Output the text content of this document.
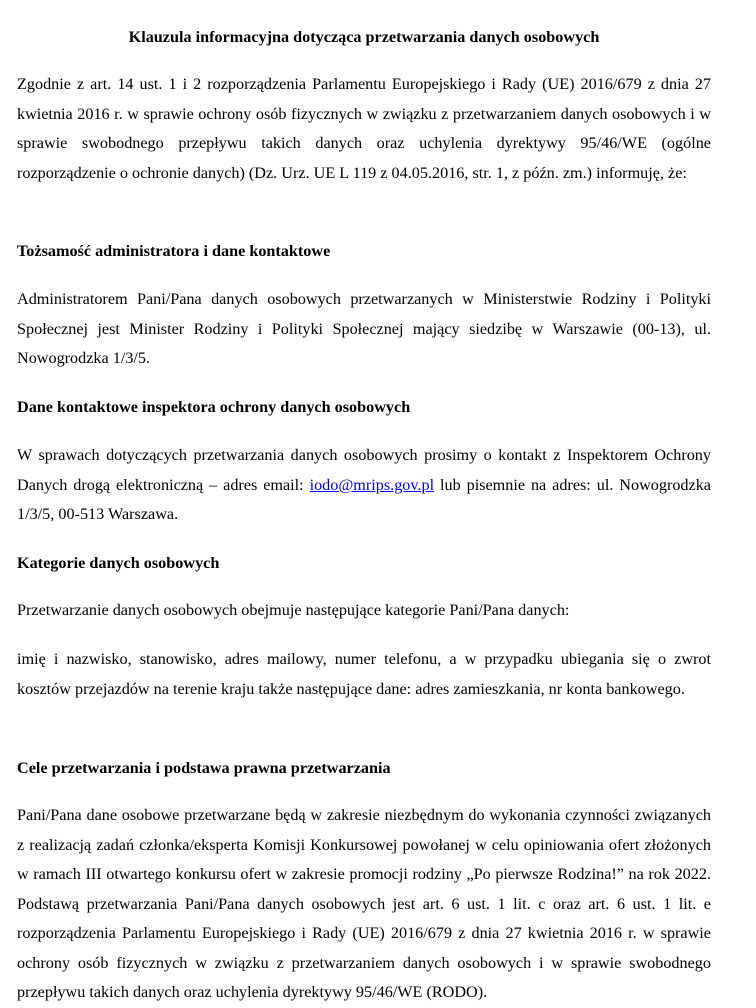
Klauzula informacyjna dotycząca przetwarzania danych osobowych

Zgodnie z art. 14 ust. 1 i 2 rozporządzenia Parlamentu Europejskiego i Rady (UE) 2016/679 z dnia 27 kwietnia 2016 r. w sprawie ochrony osób fizycznych w związku z przetwarzaniem danych osobowych i w sprawie swobodnego przepływu takich danych oraz uchylenia dyrektywy 95/46/WE (ogólne rozporządzenie o ochronie danych) (Dz. Urz. UE L 119 z 04.05.2016, str. 1, z późn. zm.) informuję, że:

Tożsamość administratora i dane kontaktowe

Administratorem Pani/Pana danych osobowych przetwarzanych w Ministerstwie Rodziny i Polityki Społecznej jest Minister Rodziny i Polityki Społecznej mający siedzibę w Warszawie (00-13), ul. Nowogrodzka 1/3/5.

Dane kontaktowe inspektora ochrony danych osobowych

W sprawach dotyczących przetwarzania danych osobowych prosimy o kontakt z Inspektorem Ochrony Danych drogą elektroniczną – adres email: iodo@mrips.gov.pl lub pisemnie na adres: ul. Nowogrodzka 1/3/5, 00-513 Warszawa.

Kategorie danych osobowych

Przetwarzanie danych osobowych obejmuje następujące kategorie Pani/Pana danych:

imię i nazwisko, stanowisko, adres mailowy, numer telefonu, a w przypadku ubiegania się o zwrot kosztów przejazdów na terenie kraju także następujące dane: adres zamieszkania, nr konta bankowego.

Cele przetwarzania i podstawa prawna przetwarzania

Pani/Pana dane osobowe przetwarzane będą w zakresie niezbędnym do wykonania czynności związanych z realizacją zadań członka/eksperta Komisji Konkursowej powołanej w celu opiniowania ofert złożonych w ramach III otwartego konkursu ofert w zakresie promocji rodziny „Po pierwsze Rodzina!” na rok 2022. Podstawą przetwarzania Pani/Pana danych osobowych jest art. 6 ust. 1 lit. c oraz art. 6 ust. 1 lit. e rozporządzenia Parlamentu Europejskiego i Rady (UE) 2016/679 z dnia 27 kwietnia 2016 r. w sprawie ochrony osób fizycznych w związku z przetwarzaniem danych osobowych i w sprawie swobodnego przepływu takich danych oraz uchylenia dyrektywy 95/46/WE (RODO).
